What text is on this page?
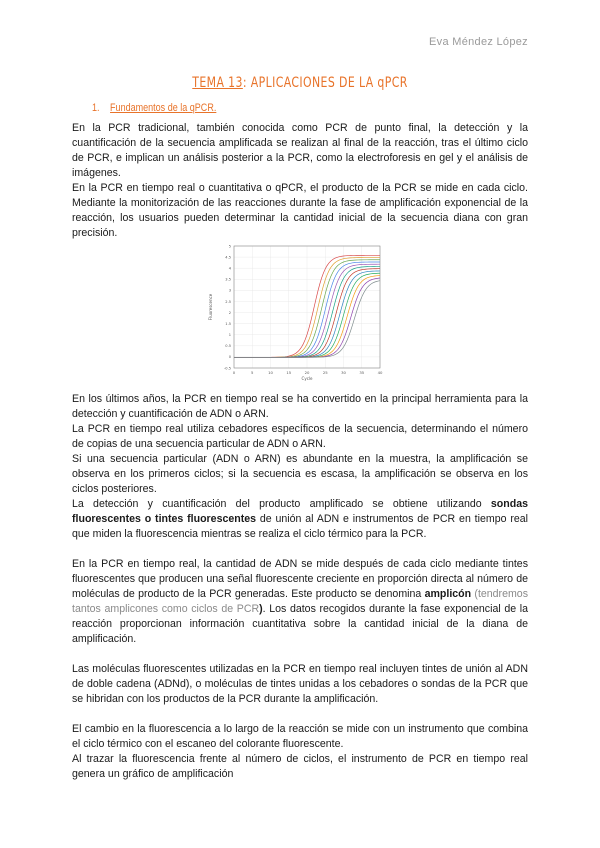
Eva Méndez López
TEMA 13: APLICACIONES DE LA qPCR
1. Fundamentos de la qPCR.

En la PCR tradicional, también conocida como PCR de punto final, la detección y la cuantificación de la secuencia amplificada se realizan al final de la reacción, tras el último ciclo de PCR, e implican un análisis posterior a la PCR, como la electroforesis en gel y el análisis de imágenes.

En la PCR en tiempo real o cuantitativa o qPCR, el producto de la PCR se mide en cada ciclo. Mediante la monitorización de las reacciones durante la fase de amplificación exponencial de la reacción, los usuarios pueden determinar la cantidad inicial de la secuencia diana con gran precisión.

0	5	10	15	20	25	30	35	40
-0.5
0
0.5
1
1.5
2
2.5
3
3.5
4
4.5
5
Cycle
Fluorescence

En los últimos años, la PCR en tiempo real se ha convertido en la principal herramienta para la detección y cuantificación de ADN o ARN.

La PCR en tiempo real utiliza cebadores específicos de la secuencia, determinando el número de copias de una secuencia particular de ADN o ARN.

Si una secuencia particular (ADN o ARN) es abundante en la muestra, la amplificación se observa en los primeros ciclos; si la secuencia es escasa, la amplificación se observa en los ciclos posteriores.

La detección y cuantificación del producto amplificado se obtiene utilizando sondas fluorescentes o tintes fluorescentes de unión al ADN e instrumentos de PCR en tiempo real que miden la fluorescencia mientras se realiza el ciclo térmico para la PCR.

En la PCR en tiempo real, la cantidad de ADN se mide después de cada ciclo mediante tintes fluorescentes que producen una señal fluorescente creciente en proporción directa al número de moléculas de producto de la PCR generadas. Este producto se denomina amplicón (tendremos tantos amplicones como ciclos de PCR). Los datos recogidos durante la fase exponencial de la reacción proporcionan información cuantitativa sobre la cantidad inicial de la diana de amplificación.

Las moléculas fluorescentes utilizadas en la PCR en tiempo real incluyen tintes de unión al ADN de doble cadena (ADNd), o moléculas de tintes unidas a los cebadores o sondas de la PCR que se hibridan con los productos de la PCR durante la amplificación.

El cambio en la fluorescencia a lo largo de la reacción se mide con un instrumento que combina el ciclo térmico con el escaneo del colorante fluorescente.

Al trazar la fluorescencia frente al número de ciclos, el instrumento de PCR en tiempo real genera un gráfico de amplificación
